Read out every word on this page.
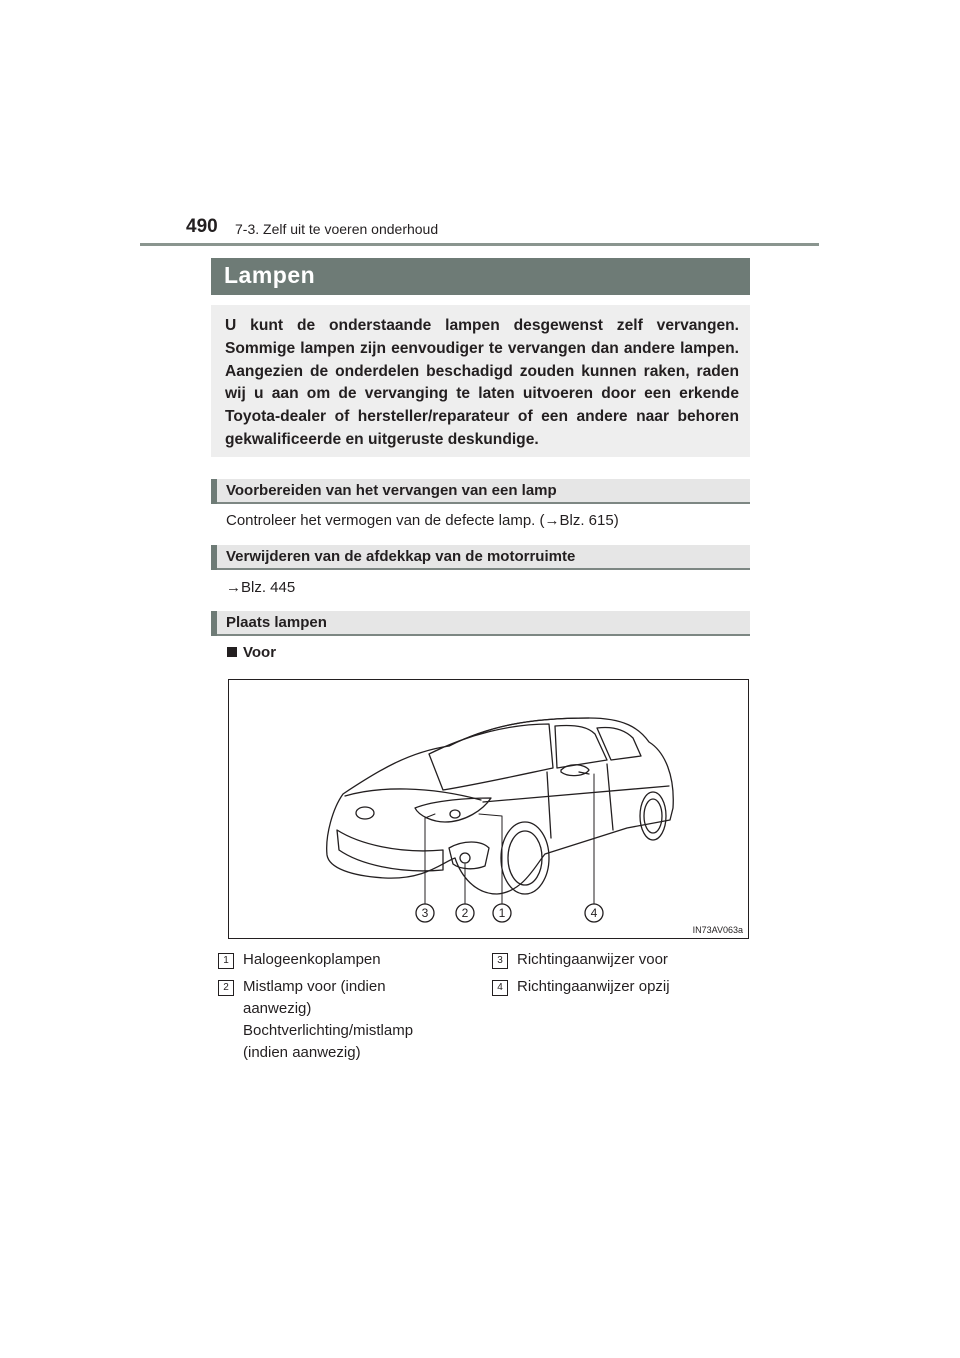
490 7-3. Zelf uit te voeren onderhoud
Lampen
U kunt de onderstaande lampen desgewenst zelf vervangen. Sommige lampen zijn eenvoudiger te vervangen dan andere lampen. Aangezien de onderdelen beschadigd zouden kunnen raken, raden wij u aan om de vervanging te laten uitvoeren door een erkende Toyota-dealer of hersteller/reparateur of een andere naar behoren gekwalificeerde en uitgeruste deskundige.
Voorbereiden van het vervangen van een lamp
Controleer het vermogen van de defecte lamp. (→Blz. 615)
Verwijderen van de afdekkap van de motorruimte
→Blz. 445
Plaats lampen
Voor
3	2	1	4
IN73AV063a
1 Halogeenkoplampen
2 Mistlamp voor (indien aanwezig) Bochtverlichting/mistlamp (indien aanwezig)
3 Richtingaanwijzer voor
4 Richtingaanwijzer opzij
